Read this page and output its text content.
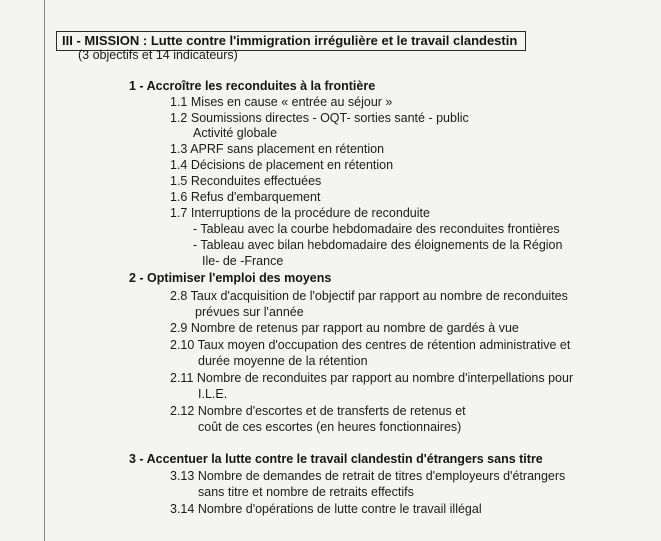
III - MISSION : Lutte contre l'immigration irrégulière et le travail clandestin
(3 objectifs et 14 indicateurs)
1 - Accroître les reconduites à la frontière
1.1 Mises en cause « entrée au séjour »
1.2 Soumissions directes - OQT- sorties santé - public
Activité globale
1.3 APRF sans placement en rétention
1.4 Décisions de placement en rétention
1.5 Reconduites effectuées
1.6 Refus d'embarquement
1.7 Interruptions de la procédure de reconduite
- Tableau avec la courbe hebdomadaire des reconduites frontières
- Tableau avec bilan hebdomadaire des éloignements de la Région
Ile- de -France
2 - Optimiser l'emploi des moyens
2.8 Taux d'acquisition de l'objectif par rapport au nombre de reconduites
prévues sur l'année
2.9 Nombre de retenus par rapport au nombre de gardés à vue
2.10 Taux moyen d'occupation des centres de rétention administrative et
durée moyenne de la rétention
2.11 Nombre de reconduites par rapport au nombre d'interpellations pour
I.L.E.
2.12 Nombre d'escortes et de transferts de retenus et
coût de ces escortes (en heures fonctionnaires)
3 - Accentuer la lutte contre le travail clandestin d'étrangers sans titre
3.13 Nombre de demandes de retrait de titres d'employeurs d'étrangers
sans titre et nombre de retraits effectifs
3.14 Nombre d'opérations de lutte contre le travail illégal
